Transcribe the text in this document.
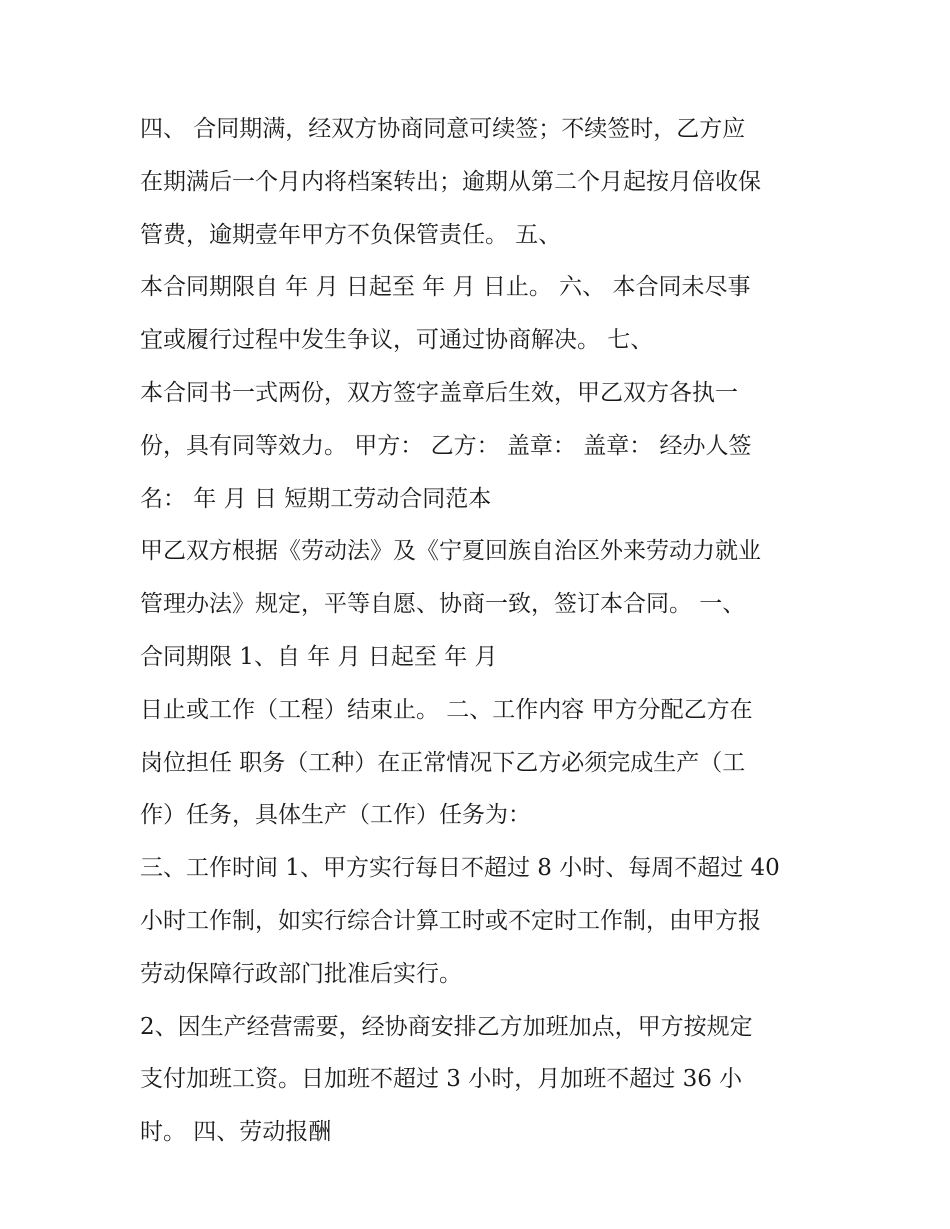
四、 合同期满，经双方协商同意可续签；不续签时，乙方应
在期满后一个月内将档案转出；逾期从第二个月起按月倍收保
管费，逾期壹年甲方不负保管责任。 五、
本合同期限自 年 月 日起至 年 月 日止。 六、 本合同未尽事
宜或履行过程中发生争议，可通过协商解决。 七、
本合同书一式两份，双方签字盖章后生效，甲乙双方各执一
份，具有同等效力。 甲方： 乙方： 盖章： 盖章： 经办人签
名： 年 月 日 短期工劳动合同范本
甲乙双方根据《劳动法》及《宁夏回族自治区外来劳动力就业
管理办法》规定，平等自愿、协商一致，签订本合同。 一、
合同期限 1、自 年 月 日起至 年 月
日止或工作（工程）结束止。 二、工作内容 甲方分配乙方在
岗位担任 职务（工种）在正常情况下乙方必须完成生产（工
作）任务，具体生产（工作）任务为：
三、工作时间 1、甲方实行每日不超过 8 小时、每周不超过 40
小时工作制，如实行综合计算工时或不定时工作制，由甲方报
劳动保障行政部门批准后实行。
2、因生产经营需要，经协商安排乙方加班加点，甲方按规定
支付加班工资。日加班不超过 3 小时，月加班不超过 36 小
时。 四、劳动报酬
